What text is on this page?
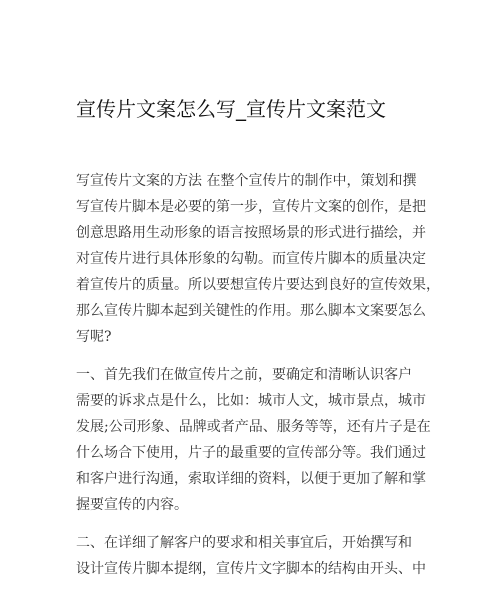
宣传片文案怎么写_宣传片文案范文
写宣传片文案的方法 在整个宣传片的制作中，策划和撰
写宣传片脚本是必要的第一步，宣传片文案的创作，是把
创意思路用生动形象的语言按照场景的形式进行描绘，并
对宣传片进行具体形象的勾勒。而宣传片脚本的质量决定
着宣传片的质量。所以要想宣传片要达到良好的宣传效果，
那么宣传片脚本起到关键性的作用。那么脚本文案要怎么
写呢?
一、首先我们在做宣传片之前，要确定和清晰认识客户
需要的诉求点是什么，比如：城市人文，城市景点，城市
发展;公司形象、品牌或者产品、服务等等，还有片子是在
什么场合下使用，片子的最重要的宣传部分等。我们通过
和客户进行沟通，索取详细的资料，以便于更加了解和掌
握要宣传的内容。
二、在详细了解客户的要求和相关事宜后，开始撰写和
设计宣传片脚本提纲，宣传片文字脚本的结构由开头、中
